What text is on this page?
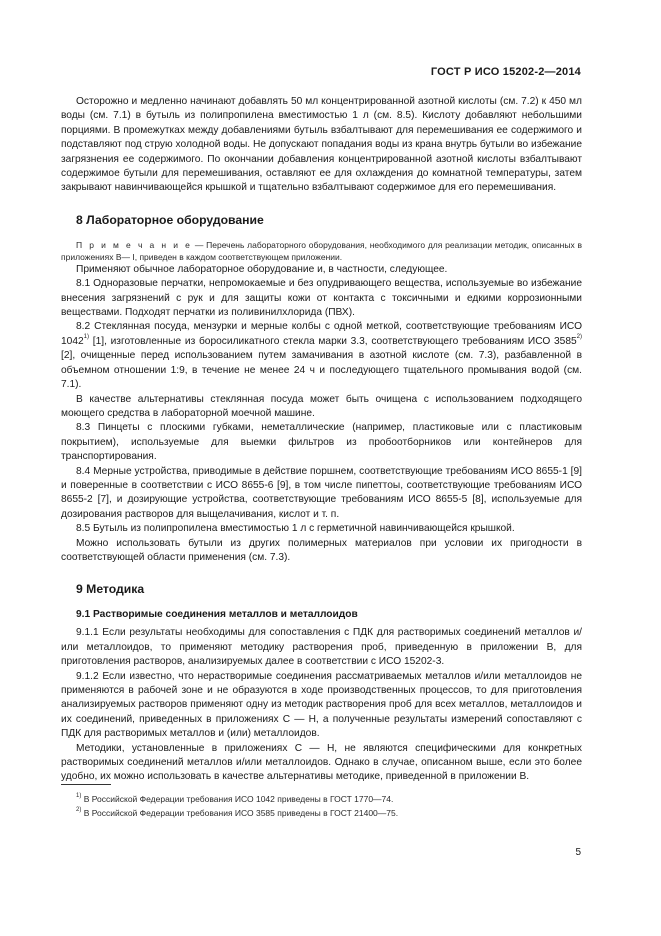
ГОСТ Р ИСО 15202-2—2014

Осторожно и медленно начинают добавлять 50 мл концентрированной азотной кислоты (см. 7.2) к 450 мл воды (см. 7.1) в бутыль из полипропилена вместимостью 1 л (см. 8.5). Кислоту добавляют небольшими порциями. В промежутках между добавлениями бутыль взбалтывают для перемешивания ее содержимого и подставляют под струю холодной воды. Не допускают попадания воды из крана внутрь бутыли во избежание загрязнения ее содержимого. По окончании добавления концентрированной азотной кислоты взбалтывают содержимое бутыли для перемешивания, оставляют ее для охлаждения до комнатной температуры, затем закрывают навинчивающейся крышкой и тщательно взбалтывают содержимое для его перемешивания.

8 Лабораторное оборудование

П р и м е ч а н и е — Перечень лабораторного оборудования, необходимого для реализации методик, описанных в приложениях В— I, приведен в каждом соответствующем приложении.

Применяют обычное лабораторное оборудование и, в частности, следующее.

8.1 Одноразовые перчатки, непромокаемые и без опудривающего вещества, используемые во избежание внесения загрязнений с рук и для защиты кожи от контакта с токсичными и едкими коррозионными веществами. Подходят перчатки из поливинилхлорида (ПВХ).

8.2 Стеклянная посуда, мензурки и мерные колбы с одной меткой, соответствующие требованиям ИСО 1042$^{1)}$ [1], изготовленные из боросиликатного стекла марки 3.3, соответствующего требованиям ИСО 3585$^{2)}$ [2], очищенные перед использованием путем замачивания в азотной кислоте (см. 7.3), разбавленной в объемном отношении 1:9, в течение не менее 24 ч и последующего тщательного промывания водой (см. 7.1).

В качестве альтернативы стеклянная посуда может быть очищена с использованием подходящего моющего средства в лабораторной моечной машине.

8.3 Пинцеты с плоскими губками, неметаллические (например, пластиковые или с пластиковым покрытием), используемые для выемки фильтров из пробоотборников или контейнеров для транспортирования.

8.4 Мерные устройства, приводимые в действие поршнем, соответствующие требованиям ИСО 8655-1 [9] и поверенные в соответствии с ИСО 8655-6 [9], в том числе пипеттоы, соответствующие требованиям ИСО 8655-2 [7], и дозирующие устройства, соответствующие требованиям ИСО 8655-5 [8], используемые для дозирования растворов для выщелачивания, кислот и т. п.

8.5 Бутыль из полипропилена вместимостью 1 л с герметичной навинчивающейся крышкой.

Можно использовать бутыли из других полимерных материалов при условии их пригодности в соответствующей области применения (см. 7.3).

9 Методика
9.1 Растворимые соединения металлов и металлоидов

9.1.1 Если результаты необходимы для сопоставления с ПДК для растворимых соединений металлов и/или металлоидов, то применяют методику растворения проб, приведенную в приложении В, для приготовления растворов, анализируемых далее в соответствии с ИСО 15202-3.

9.1.2 Если известно, что нерастворимые соединения рассматриваемых металлов и/или металлоидов не применяются в рабочей зоне и не образуются в ходе производственных процессов, то для приготовления анализируемых растворов применяют одну из методик растворения проб для всех металлов, металлоидов и их соединений, приведенных в приложениях С — Н, а полученные результаты измерений сопоставляют с ПДК для растворимых металлов и (или) металлоидов.

Методики, установленные в приложениях С — Н, не являются специфическими для конкретных растворимых соединений металлов и/или металлоидов. Однако в случае, описанном выше, если это более удобно, их можно использовать в качестве альтернативы методике, приведенной в приложении В.

$^{1)}$ В Российской Федерации требования ИСО 1042 приведены в ГОСТ 1770—74.
$^{2)}$ В Российской Федерации требования ИСО 3585 приведены в ГОСТ 21400—75.
5
